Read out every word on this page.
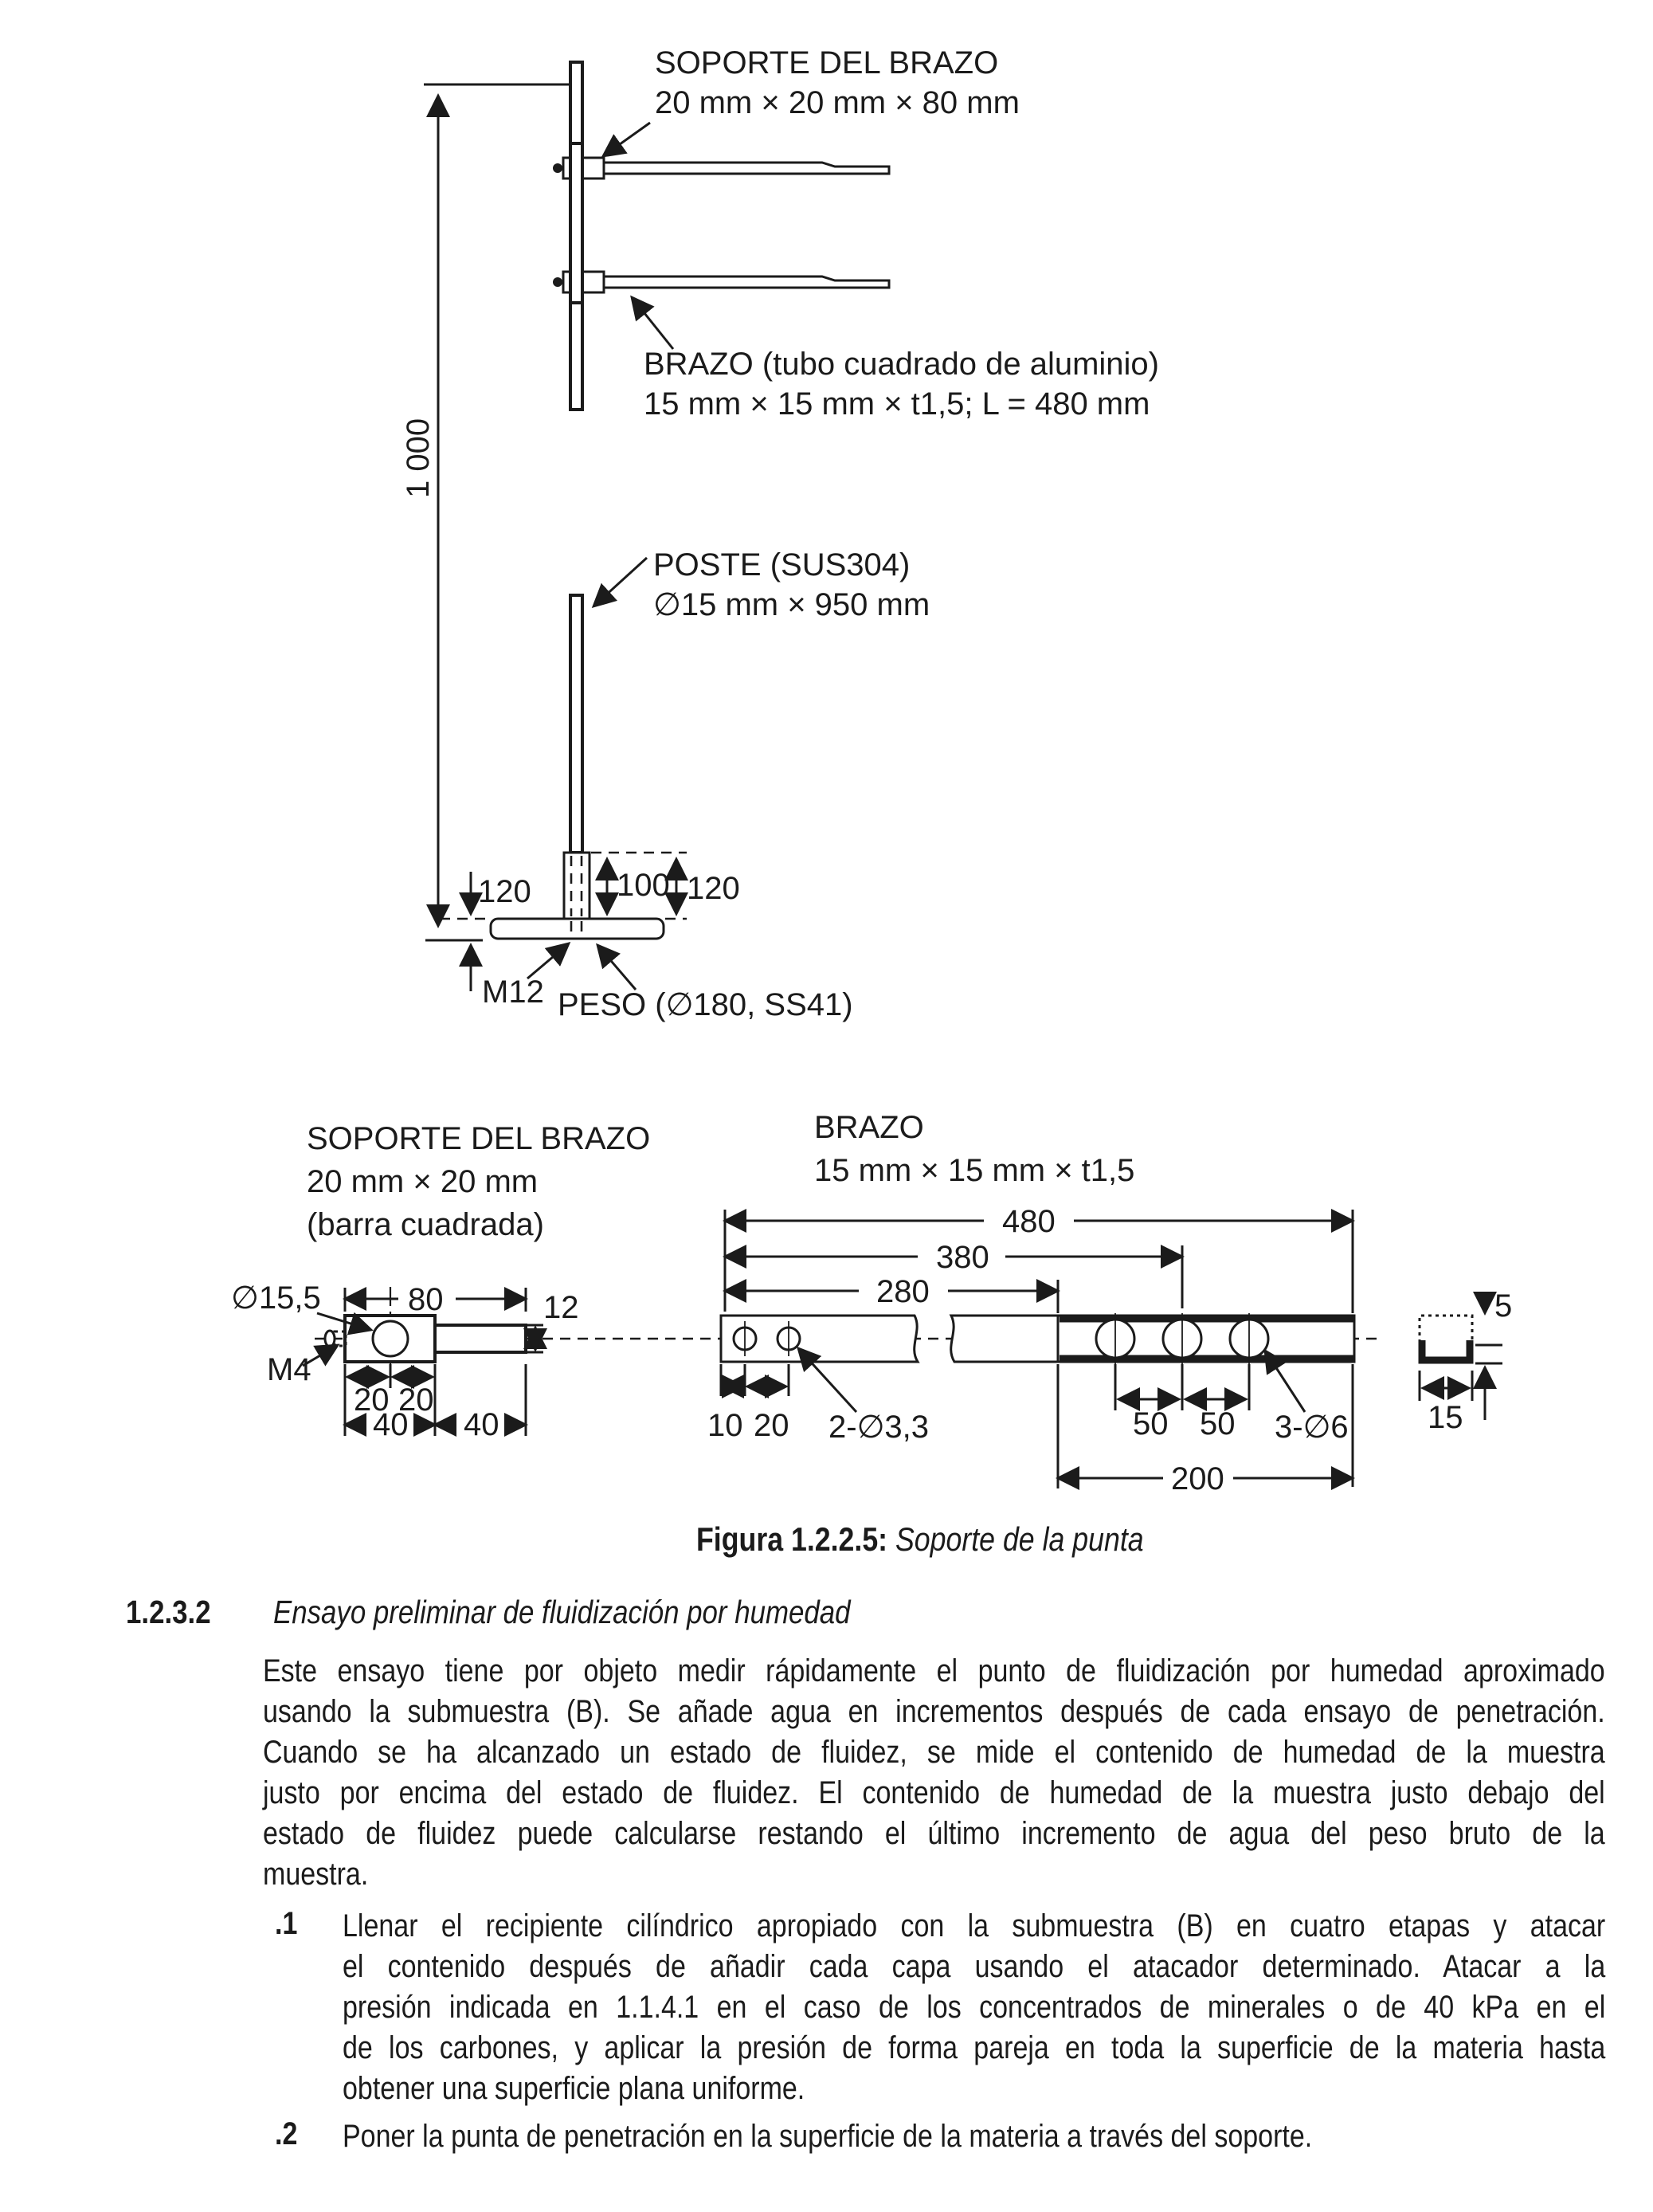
1 000
SOPORTE DEL BRAZO
20 mm × 20 mm × 80 mm
BRAZO (tubo cuadrado de aluminio)
15 mm × 15 mm × t1,5; L = 480 mm
POSTE (SUS304)
∅15 mm × 950 mm
120	100 120
M12 PESO (∅180, SS41)
SOPORTE DEL BRAZO
20 mm × 20 mm
(barra cuadrada)
BRAZO
15 mm × 15 mm × t1,5
∅15,5
M4
80	12
20 20
40 40
480
380
280
10 20 2-∅3,3	50 50 3-∅6
200
5
15
Figura 1.2.2.5: Soporte de la punta
1.2.3.2 Ensayo preliminar de fluidización por humedad
Este ensayo tiene por objeto medir rápidamente el punto de fluidización por humedad aproximado
usando la submuestra (B). Se añade agua en incrementos después de cada ensayo de penetración.
Cuando se ha alcanzado un estado de fluidez, se mide el contenido de humedad de la muestra
justo por encima del estado de fluidez. El contenido de humedad de la muestra justo debajo del
estado de fluidez puede calcularse restando el último incremento de agua del peso bruto de la
muestra.
.1 Llenar el recipiente cilíndrico apropiado con la submuestra (B) en cuatro etapas y atacar
el contenido después de añadir cada capa usando el atacador determinado. Atacar a la
presión indicada en 1.1.4.1 en el caso de los concentrados de minerales o de 40 kPa en el
de los carbones, y aplicar la presión de forma pareja en toda la superficie de la materia hasta
obtener una superficie plana uniforme.
.2 Poner la punta de penetración en la superficie de la materia a través del soporte.
